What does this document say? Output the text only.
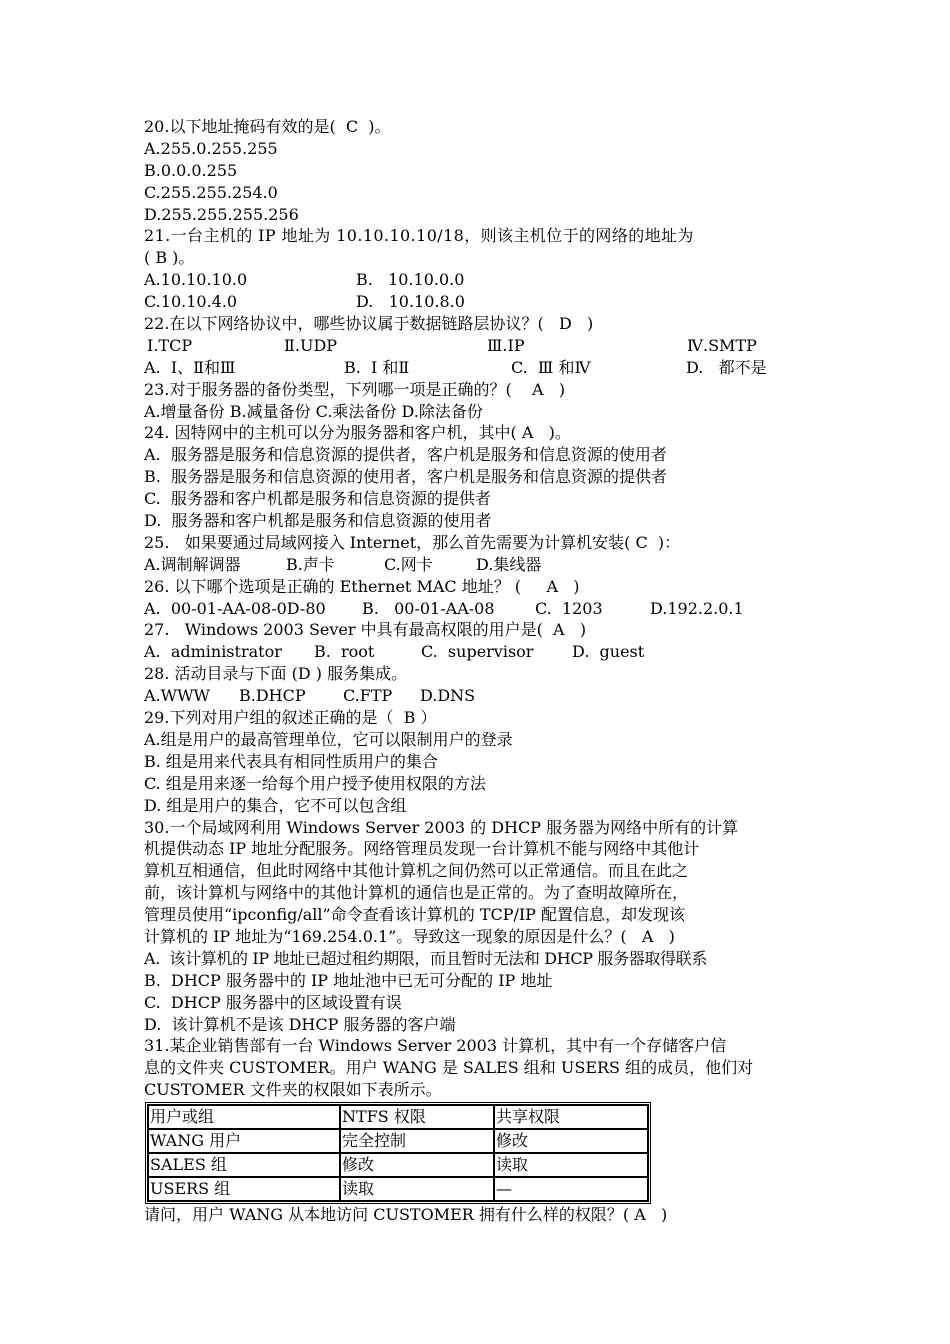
20.以下地址掩码有效的是(  C  )。
A.255.0.255.255
B.0.0.0.255
C.255.255.254.0
D.255.255.255.256
21.一台主机的 IP 地址为 10.10.10.10/18，则该主机位于的网络的地址为
( B )。
A.10.10.10.0	B.   10.10.0.0
C.10.10.4.0	D.   10.10.8.0
22.在以下网络协议中，哪些协议属于数据链路层协议？(   D   )
Ⅰ.TCP	Ⅱ.UDP	Ⅲ.IP	Ⅳ.SMTP
A.  Ⅰ、Ⅱ和Ⅲ	B.  Ⅰ 和Ⅱ	C.  Ⅲ 和Ⅳ	D.   都不是
23.对于服务器的备份类型，下列哪一项是正确的？(    A   )
A.增量备份 B.减量备份 C.乘法备份 D.除法备份
24. 因特网中的主机可以分为服务器和客户机，其中( A   )。
A.  服务器是服务和信息资源的提供者，客户机是服务和信息资源的使用者
B.  服务器是服务和信息资源的使用者，客户机是服务和信息资源的提供者
C.  服务器和客户机都是服务和信息资源的提供者
D.  服务器和客户机都是服务和信息资源的使用者
25.   如果要通过局域网接入 Internet，那么首先需要为计算机安装( C  )：
A.调制解调器	B.声卡	C.网卡	D.集线器
26. 以下哪个选项是正确的 Ethernet MAC 地址？ (     A   )
A.  00-01-AA-08-0D-80	B.   00-01-AA-08	C.  1203	D.192.2.0.1
27.   Windows 2003 Sever 中具有最高权限的用户是(  A   )
A.  administrator	B.  root	C.  supervisor	D.  guest
28. 活动目录与下面 (D ) 服务集成。
A.WWW	B.DHCP	C.FTP	D.DNS
29.下列对用户组的叙述正确的是（  B ）
A.组是用户的最高管理单位，它可以限制用户的登录
B. 组是用来代表具有相同性质用户的集合
C. 组是用来逐一给每个用户授予使用权限的方法
D. 组是用户的集合，它不可以包含组
30.一个局域网利用 Windows Server 2003 的 DHCP 服务器为网络中所有的计算
机提供动态 IP 地址分配服务。网络管理员发现一台计算机不能与网络中其他计
算机互相通信，但此时网络中其他计算机之间仍然可以正常通信。而且在此之
前，该计算机与网络中的其他计算机的通信也是正常的。为了查明故障所在，
管理员使用“ipconfig/all”命令查看该计算机的 TCP/IP 配置信息，却发现该
计算机的 IP 地址为“169.254.0.1”。导致这一现象的原因是什么？(   A   )
A.  该计算机的 IP 地址已超过租约期限，而且暂时无法和 DHCP 服务器取得联系
B.  DHCP 服务器中的 IP 地址池中已无可分配的 IP 地址
C.  DHCP 服务器中的区域设置有误
D.  该计算机不是该 DHCP 服务器的客户端
31.某企业销售部有一台 Windows Server 2003 计算机，其中有一个存储客户信
息的文件夹 CUSTOMER。用户 WANG 是 SALES 组和 USERS 组的成员，他们对
CUSTOMER 文件夹的权限如下表所示。
用户或组	NTFS 权限	共享权限
WANG 用户	完全控制	修改
SALES 组	修改	读取
USERS 组	读取	—
请问，用户 WANG 从本地访问 CUSTOMER 拥有什么样的权限？( A   )
